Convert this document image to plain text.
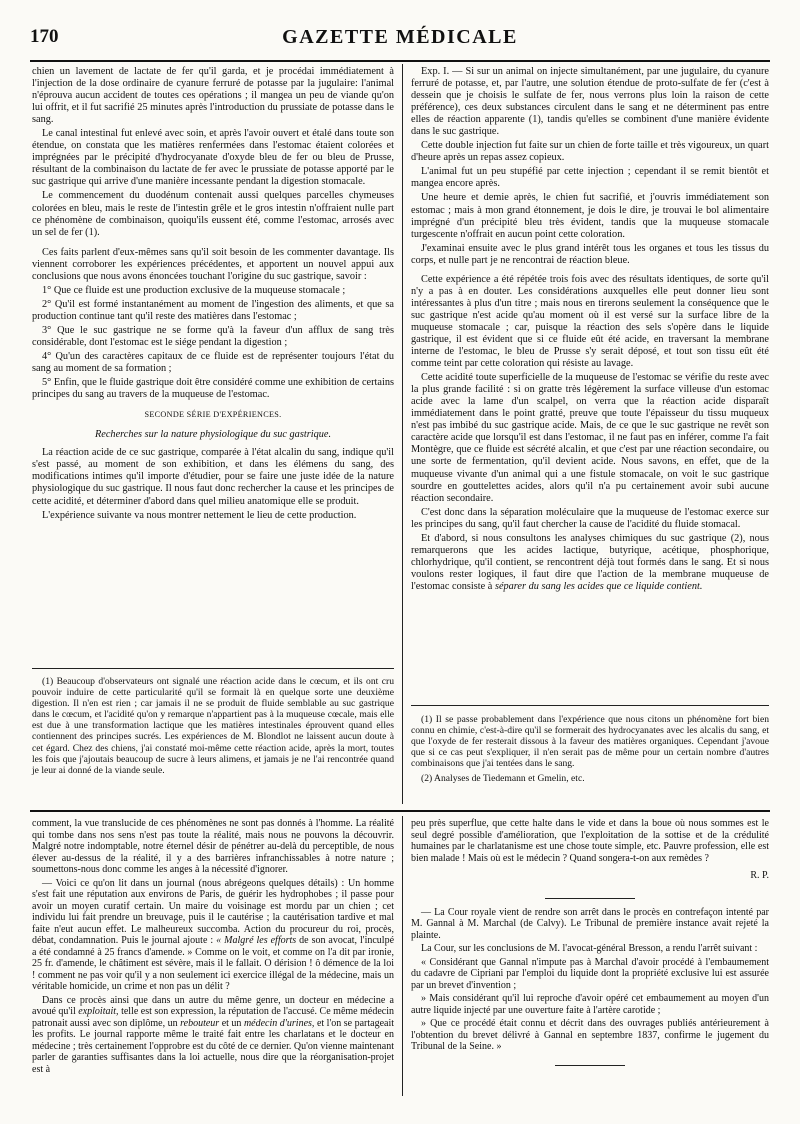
170	GAZETTE MÉDICALE

chien un lavement de lactate de fer qu'il garda, et je procédai immédiatement à l'injection de la dose ordinaire de cyanure ferruré de potasse par la jugulaire: l'animal n'éprouva aucun accident de toutes ces opérations ; il mangea un peu de viande qu'on lui offrit, et il fut sacrifié 25 minutes après l'introduction du prussiate de potasse dans le sang.

Le canal intestinal fut enlevé avec soin, et après l'avoir ouvert et étalé dans toute son étendue, on constata que les matières renfermées dans l'estomac étaient colorées et imprégnées par le précipité d'hydrocyanate d'oxyde bleu de fer ou bleu de Prusse, résultant de la combinaison du lactate de fer avec le prussiate de potasse apporté par le suc gastrique qui arrive d'une manière incessante pendant la digestion stomacale.

Le commencement du duodénum contenait aussi quelques parcelles chymeuses colorées en bleu, mais le reste de l'intestin grêle et le gros intestin n'offraient nulle part ce phénomène de combinaison, quoiqu'ils eussent été, comme l'estomac, arrosés avec un sel de fer (1).

Ces faits parlent d'eux-mêmes sans qu'il soit besoin de les commenter davantage. Ils viennent corroborer les expériences précédentes, et apportent un nouvel appui aux conclusions que nous avons énoncées touchant l'origine du suc gastrique, savoir :

1° Que ce fluide est une production exclusive de la muqueuse stomacale ;

2° Qu'il est formé instantanément au moment de l'ingestion des aliments, et que sa production continue tant qu'il reste des matières dans l'estomac ;

3° Que le suc gastrique ne se forme qu'à la faveur d'un afflux de sang très considérable, dont l'estomac est le siége pendant la digestion ;

4° Qu'un des caractères capitaux de ce fluide est de représenter toujours l'état du sang au moment de sa formation ;

5° Enfin, que le fluide gastrique doit être considéré comme une exhibition de certains principes du sang au travers de la muqueuse de l'estomac.

SECONDE SÉRIE D'EXPÉRIENCES.

Recherches sur la nature physiologique du suc gastrique.

La réaction acide de ce suc gastrique, comparée à l'état alcalin du sang, indique qu'il s'est passé, au moment de son exhibition, et dans les élémens du sang, des modifications intimes qu'il importe d'étudier, pour se faire une juste idée de la nature physiologique du suc gastrique. Il nous faut donc rechercher la cause et les principes de cette acidité, et déterminer d'abord dans quel milieu anatomique elle se produit.

L'expérience suivante va nous montrer nettement le lieu de cette production.

Exp. I. — Si sur un animal on injecte simultanément, par une jugulaire, du cyanure ferruré de potasse, et, par l'autre, une solution étendue de proto-sulfate de fer (c'est à dessein que je choisis le sulfate de fer, nous verrons plus loin la raison de cette préférence), ces deux substances circulent dans le sang et ne déterminent pas entre elles de réaction apparente (1), tandis qu'elles se combinent d'une manière évidente dans le suc gastrique.

Cette double injection fut faite sur un chien de forte taille et très vigoureux, un quart d'heure après un repas assez copieux.

L'animal fut un peu stupéfié par cette injection ; cependant il se remit bientôt et mangea encore après.

Une heure et demie après, le chien fut sacrifié, et j'ouvris immédiatement son estomac ; mais à mon grand étonnement, je dois le dire, je trouvai le bol alimentaire imprégné d'un précipité bleu très évident, tandis que la muqueuse stomacale turgescente n'offrait en aucun point cette coloration.

J'examinai ensuite avec le plus grand intérêt tous les organes et tous les tissus du corps, et nulle part je ne rencontrai de réaction bleue.

Cette expérience a été répétée trois fois avec des résultats identiques, de sorte qu'il n'y a pas à en douter. Les considérations auxquelles elle peut donner lieu sont intéressantes à plus d'un titre ; mais nous en tirerons seulement la conséquence que le suc gastrique n'est acide qu'au moment où il est versé sur la surface libre de la muqueuse stomacale ; car, puisque la réaction des sels s'opère dans le liquide gastrique, il est évident que si ce fluide eût été acide, en traversant la membrane interne de l'estomac, le bleu de Prusse s'y serait déposé, et tout son tissu eût été comme teint par cette coloration qui résiste au lavage.

Cette acidité toute superficielle de la muqueuse de l'estomac se vérifie du reste avec la plus grande facilité : si on gratte très légèrement la surface villeuse d'un estomac acide avec la lame d'un scalpel, on verra que la réaction acide disparaît immédiatement dans le point gratté, preuve que toute l'épaisseur du tissu muqueux n'est pas imbibé du suc gastrique acide. Mais, de ce que le suc gastrique ne revêt son caractère acide que lorsqu'il est dans l'estomac, il ne faut pas en inférer, comme l'a fait Montègre, que ce fluide est sécrété alcalin, et que c'est par une réaction secondaire, ou une sorte de fermentation, qu'il devient acide. Nous savons, en effet, que de la muqueuse vivante d'un animal qui a une fistule stomacale, on voit le suc gastrique sourdre en gouttelettes acides, alors qu'il n'a pu certainement avoir subi aucune réaction secondaire.

C'est donc dans la séparation moléculaire que la muqueuse de l'estomac exerce sur les principes du sang, qu'il faut chercher la cause de l'acidité du fluide stomacal.

Et d'abord, si nous consultons les analyses chimiques du suc gastrique (2), nous remarquerons que les acides lactique, butyrique, acétique, phosphorique, chlorhydrique, qu'il contient, se rencontrent déjà tout formés dans le sang. Et si nous voulons rester logiques, il faut dire que l'action de la membrane muqueuse de l'estomac consiste à séparer du sang les acides que ce liquide contient.

(1) Beaucoup d'observateurs ont signalé une réaction acide dans le cœcum, et ils ont cru pouvoir induire de cette particularité qu'il se formait là en quelque sorte une deuxième digestion. Il n'en est rien ; car jamais il ne se produit de fluide semblable au suc gastrique dans le cœcum, et l'acidité qu'on y remarque n'appartient pas à la muqueuse cœcale, mais elle est due à une transformation lactique que les matières intestinales éprouvent quand elles contiennent des principes sucrés. Les expériences de M. Blondlot ne laissent aucun doute à cet égard. Chez des chiens, j'ai constaté moi-même cette réaction acide, après la mort, toutes les fois que j'ajoutais beaucoup de sucre à leurs alimens, et jamais je ne l'ai rencontrée quand je leur ai donné de la viande seule.

(1) Il se passe probablement dans l'expérience que nous citons un phénomène fort bien connu en chimie, c'est-à-dire qu'il se formerait des hydrocyanates avec les alcalis du sang, et que l'oxyde de fer resterait dissous à la faveur des matières organiques. Cependant j'avoue que si ce cas peut s'expliquer, il n'en serait pas de même pour un certain nombre d'autres combinaisons que j'ai tentées dans le sang.

(2) Analyses de Tiedemann et Gmelin, etc.

comment, la vue translucide de ces phénomènes ne sont pas donnés à l'homme. La réalité qui tombe dans nos sens n'est pas toute la réalité, mais nous ne pouvons la découvrir. Malgré notre indomptable, notre éternel désir de pénétrer au-delà du perceptible, de nous élever au-dessus de la réalité, il y a des barrières infranchissables à notre nature ; soumettons-nous donc comme les anges à la nécessité d'ignorer.

— Voici ce qu'on lit dans un journal (nous abrégeons quelques détails) : Un homme s'est fait une réputation aux environs de Paris, de guérir les hydrophobes ; il passe pour avoir un moyen curatif certain. Un maire du voisinage est mordu par un chien ; cet individu lui fait prendre un breuvage, puis il le cautérise ; la cautérisation tardive et mal faite n'eut aucun effet. Le malheureux succomba. Action du procureur du roi, procès, débat, condamnation. Puis le journal ajoute : « Malgré les efforts de son avocat, l'inculpé a été condamné à 25 francs d'amende. » Comme on le voit, et comme on l'a dit par ironie, 25 fr. d'amende, le châtiment est sévère, mais il le fallait. O dérision ! ô démence de la loi ! comment ne pas voir qu'il y a non seulement ici exercice illégal de la médecine, mais un véritable homicide, un crime et non pas un délit ?

Dans ce procès ainsi que dans un autre du même genre, un docteur en médecine a avoué qu'il exploitait, telle est son expression, la réputation de l'accusé. Ce même médecin patronait aussi avec son diplôme, un rebouteur et un médecin d'urines, et l'on se partageait les profits. Le journal rapporte même le traité fait entre les charlatans et le docteur en médecine ; très certainement l'opprobre est du côté de ce dernier. Qu'on vienne maintenant parler de garanties suffisantes dans la loi actuelle, nous dire que la réorganisation-projet est à

peu près superflue, que cette halte dans le vide et dans la boue où nous sommes est le seul degré possible d'amélioration, que l'exploitation de la sottise et de la crédulité humaines par le charlatanisme est une chose toute simple, etc. Pauvre profession, elle est bien malade ! Mais où est le médecin ? Quand songera-t-on aux remèdes ?

R. P.

— La Cour royale vient de rendre son arrêt dans le procès en contrefaçon intenté par M. Gannal à M. Marchal (de Calvy). Le Tribunal de première instance avait rejeté la plainte.

La Cour, sur les conclusions de M. l'avocat-général Bresson, a rendu l'arrêt suivant :

« Considérant que Gannal n'impute pas à Marchal d'avoir procédé à l'embaumement du cadavre de Cipriani par l'emploi du liquide dont la propriété exclusive lui est assurée par un brevet d'invention ;

» Mais considérant qu'il lui reproche d'avoir opéré cet embaumement au moyen d'un autre liquide injecté par une ouverture faite à l'artère carotide ;

» Que ce procédé était connu et décrit dans des ouvrages publiés antérieurement à l'obtention du brevet délivré à Gannal en septembre 1837, confirme le jugement du Tribunal de la Seine. »
